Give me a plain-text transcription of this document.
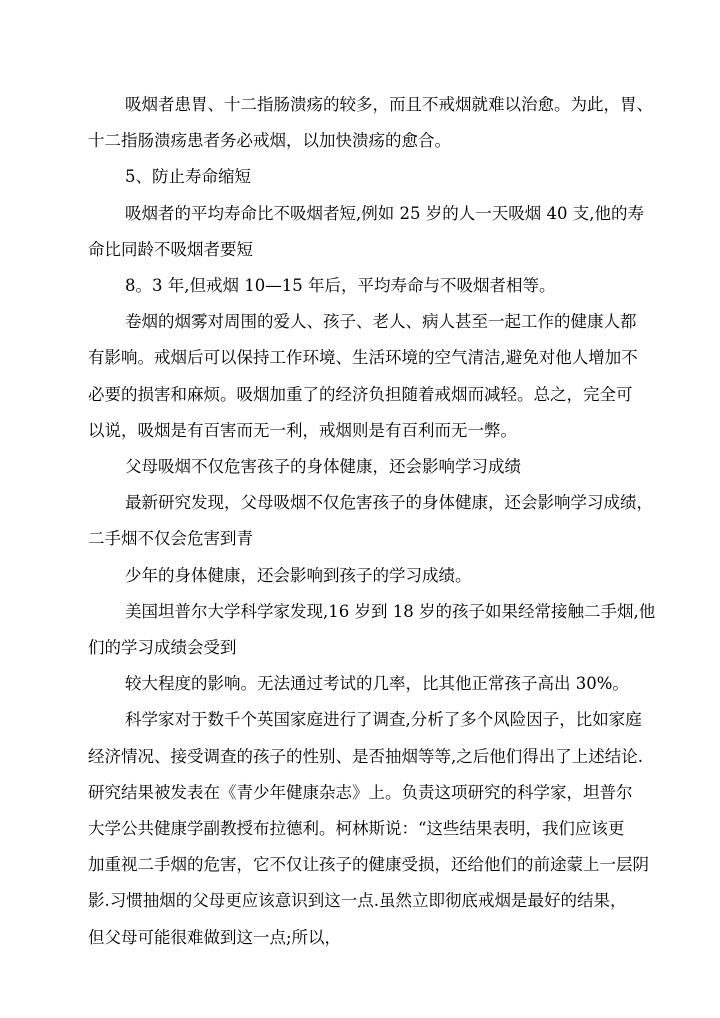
吸烟者患胃、十二指肠溃疡的较多，而且不戒烟就难以治愈。为此，胃、

十二指肠溃疡患者务必戒烟，以加快溃疡的愈合。

5、防止寿命缩短

吸烟者的平均寿命比不吸烟者短,例如 25 岁的人一天吸烟 40 支,他的寿

命比同龄不吸烟者要短

8。3 年,但戒烟 10—15 年后，平均寿命与不吸烟者相等。

卷烟的烟雾对周围的爱人、孩子、老人、病人甚至一起工作的健康人都

有影响。戒烟后可以保持工作环境、生活环境的空气清洁,避免对他人增加不

必要的损害和麻烦。吸烟加重了的经济负担随着戒烟而减轻。总之，完全可

以说，吸烟是有百害而无一利，戒烟则是有百利而无一弊。

父母吸烟不仅危害孩子的身体健康，还会影响学习成绩

最新研究发现，父母吸烟不仅危害孩子的身体健康，还会影响学习成绩，

二手烟不仅会危害到青

少年的身体健康，还会影响到孩子的学习成绩。

美国坦普尔大学科学家发现,16 岁到 18 岁的孩子如果经常接触二手烟,他

们的学习成绩会受到

较大程度的影响。无法通过考试的几率，比其他正常孩子高出 30%。

科学家对于数千个英国家庭进行了调查,分析了多个风险因子，比如家庭

经济情况、接受调查的孩子的性别、是否抽烟等等,之后他们得出了上述结论.

研究结果被发表在《青少年健康杂志》上。负责这项研究的科学家，坦普尔

大学公共健康学副教授布拉德利。柯林斯说：“这些结果表明，我们应该更

加重视二手烟的危害，它不仅让孩子的健康受损，还给他们的前途蒙上一层阴

影.习惯抽烟的父母更应该意识到这一点.虽然立即彻底戒烟是最好的结果，

但父母可能很难做到这一点;所以，
